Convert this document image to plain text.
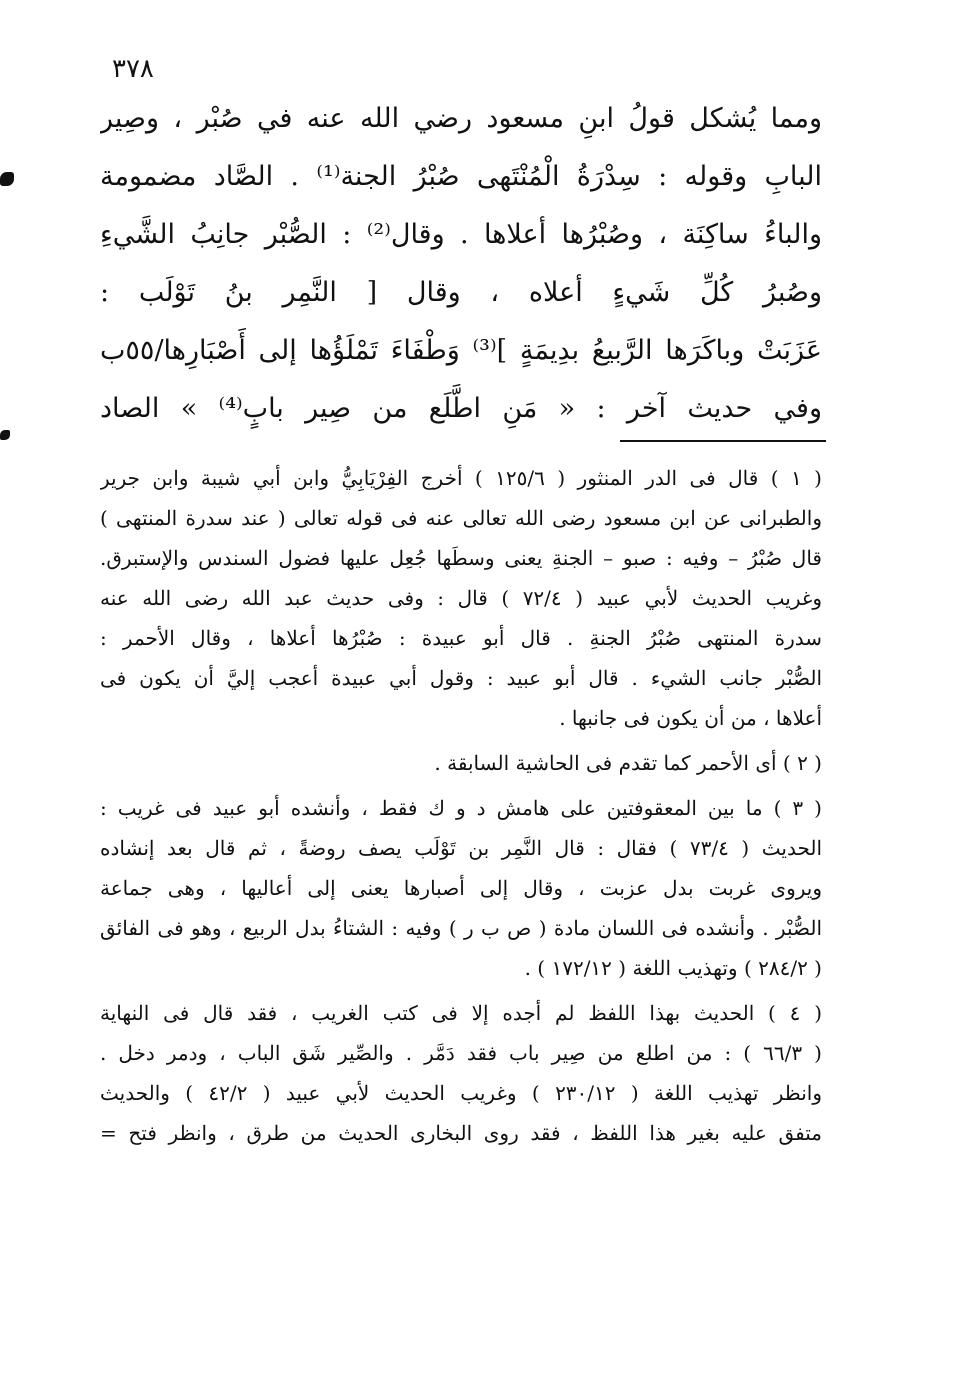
٣٧٨
ومما يُشكل قولُ ابنِ مسعود رضي الله عنه في صُبْر ، وصِير
البابِ وقوله : سِدْرَةُ الْمُنْتَهى صُبْرُ الجنة⁽¹⁾ . الصَّاد مضمومة
والباءُ ساكِنَة ، وصُبْرُها أعلاها . وقال⁽²⁾ : الصُّبْر جانِبُ الشَّيءِ
وصُبرُ كُلِّ شَيءٍ أعلاه ، وقال [ النَّمِر بنُ تَوْلَب :
عَزَبَتْ وباكَرَها الرَّبيعُ بدِيمَةٍ ]⁽³⁾ وَطْفَاءَ تَمْلَؤُها إلى أَصْبَارِها/٥٥ب
وفي حديث آخر : « مَنِ اطَّلَع من صِير بابٍ⁽⁴⁾ » الصاد
( ١ ) قال فى الدر المنثور ( ١٢٥/٦ ) أخرج الفِرْيَابِيُّ وابن أبي شيبة وابن جرير
والطبرانى عن ابن مسعود رضى الله تعالى عنه فى قوله تعالى ( عند سدرة المنتهى )
قال صُبْرُ – وفيه : صبو – الجنةِ يعنى وسطَها جُعِل عليها فضول السندس والإستبرق.
وغريب الحديث لأبي عبيد ( ٧٢/٤ ) قال : وفى حديث عبد الله رضى الله عنه
سدرة المنتهى صُبْرُ الجنةِ . قال أبو عبيدة : صُبْرُها أعلاها ، وقال الأحمر :
الصُّبْر جانب الشيء . قال أبو عبيد : وقول أبي عبيدة أعجب إليَّ أن يكون فى
أعلاها ، من أن يكون فى جانبها .
( ٢ ) أى الأحمر كما تقدم فى الحاشية السابقة .
( ٣ ) ما بين المعقوفتين على هامش د و ك فقط ، وأنشده أبو عبيد فى غريب :
الحديث ( ٧٣/٤ ) فقال : قال النَّمِر بن تَوْلَب يصف روضةً ، ثم قال بعد إنشاده
ويروى غربت بدل عزبت ، وقال إلى أصبارها يعنى إلى أعاليها ، وهى جماعة
الصُّبْر . وأنشده فى اللسان مادة ( ص ب ر ) وفيه : الشتاءُ بدل الربيع ، وهو فى الفائق
( ٢٨٤/٢ ) وتهذيب اللغة ( ١٧٢/١٢ ) .
( ٤ ) الحديث بهذا اللفظ لم أجده إلا فى كتب الغريب ، فقد قال فى النهاية
( ٦٦/٣ ) : من اطلع من صِير باب فقد دَمَّر . والصِّير شَق الباب ، ودمر دخل .
وانظر تهذيب اللغة ( ٢٣٠/١٢ ) وغريب الحديث لأبي عبيد ( ٤٢/٢ ) والحديث
متفق عليه بغير هذا اللفظ ، فقد روى البخارى الحديث من طرق ، وانظر فتح =
